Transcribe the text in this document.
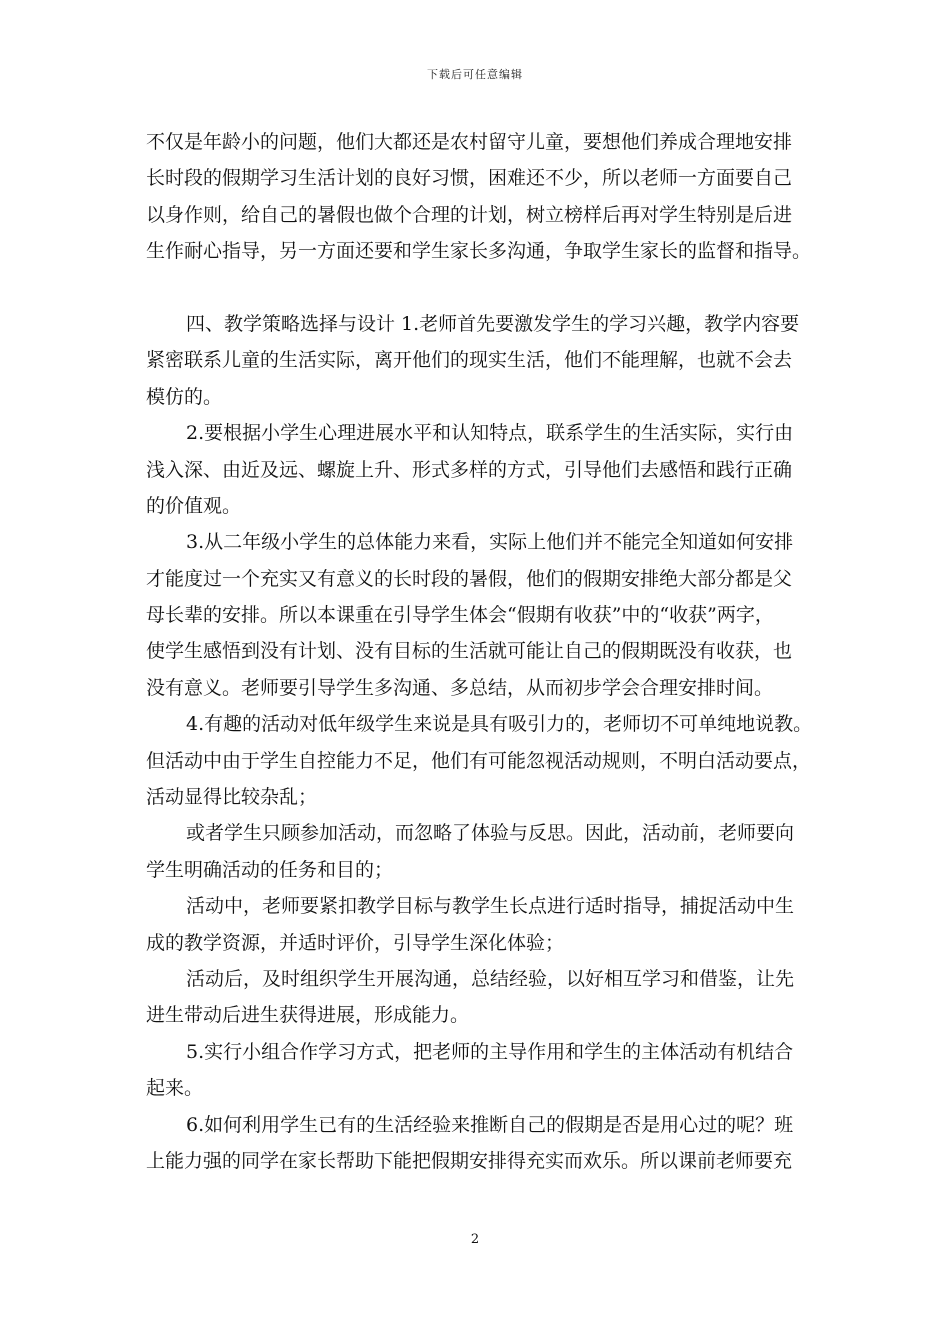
下载后可任意编辑
不仅是年龄小的问题，他们大都还是农村留守儿童，要想他们养成合理地安排
长时段的假期学习生活计划的良好习惯，困难还不少，所以老师一方面要自己
以身作则，给自己的暑假也做个合理的计划，树立榜样后再对学生特别是后进
生作耐心指导，另一方面还要和学生家长多沟通，争取学生家长的监督和指导。
四、教学策略选择与设计 1.老师首先要激发学生的学习兴趣，教学内容要
紧密联系儿童的生活实际，离开他们的现实生活，他们不能理解，也就不会去
模仿的。
2.要根据小学生心理进展水平和认知特点，联系学生的生活实际，实行由
浅入深、由近及远、螺旋上升、形式多样的方式，引导他们去感悟和践行正确
的价值观。
3.从二年级小学生的总体能力来看，实际上他们并不能完全知道如何安排
才能度过一个充实又有意义的长时段的暑假，他们的假期安排绝大部分都是父
母长辈的安排。所以本课重在引导学生体会“假期有收获”中的“收获”两字，
使学生感悟到没有计划、没有目标的生活就可能让自己的假期既没有收获，也
没有意义。老师要引导学生多沟通、多总结，从而初步学会合理安排时间。
4.有趣的活动对低年级学生来说是具有吸引力的，老师切不可单纯地说教。
但活动中由于学生自控能力不足，他们有可能忽视活动规则，不明白活动要点，
活动显得比较杂乱；
或者学生只顾参加活动，而忽略了体验与反思。因此，活动前，老师要向
学生明确活动的任务和目的；
活动中，老师要紧扣教学目标与教学生长点进行适时指导，捕捉活动中生
成的教学资源，并适时评价，引导学生深化体验；
活动后，及时组织学生开展沟通，总结经验，以好相互学习和借鉴，让先
进生带动后进生获得进展，形成能力。
5.实行小组合作学习方式，把老师的主导作用和学生的主体活动有机结合
起来。
6.如何利用学生已有的生活经验来推断自己的假期是否是用心过的呢？班
上能力强的同学在家长帮助下能把假期安排得充实而欢乐。所以课前老师要充
2
